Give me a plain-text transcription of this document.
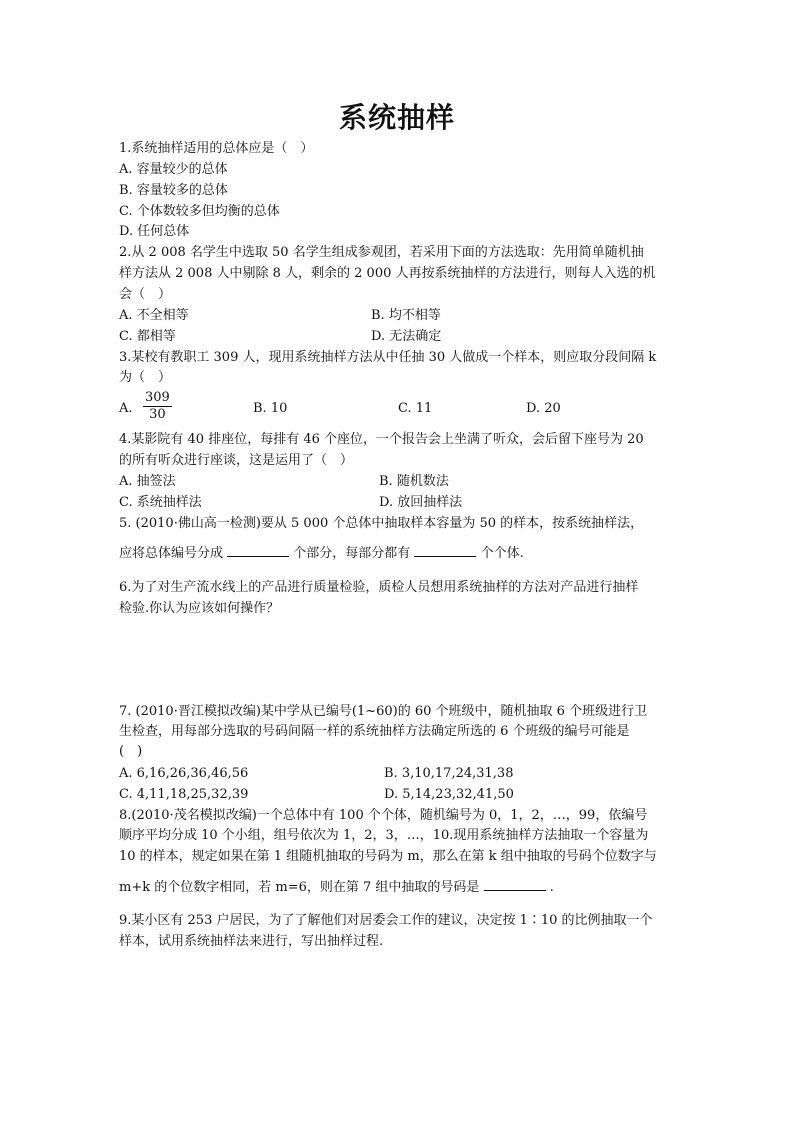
系统抽样
1.系统抽样适用的总体应是（　）
A. 容量较少的总体
B. 容量较多的总体
C. 个体数较多但均衡的总体
D. 任何总体
2.从 2 008 名学生中选取 50 名学生组成参观团，若采用下面的方法选取：先用简单随机抽
样方法从 2 008 人中剔除 8 人，剩余的 2 000 人再按系统抽样的方法进行，则每人入选的机
会（　）
A. 不全相等	B. 均不相等
C. 都相等	D. 无法确定
3.某校有教职工 309 人，现用系统抽样方法从中任抽 30 人做成一个样本，则应取分段间隔 k
为（　）
A. $\frac{309}{30}$	B. 10	C. 11	D. 20
4.某影院有 40 排座位，每排有 46 个座位，一个报告会上坐满了听众，会后留下座号为 20
的所有听众进行座谈，这是运用了（　）
A. 抽签法	B. 随机数法
C. 系统抽样法	D. 放回抽样法
5. (2010·佛山高一检测)要从 5 000 个总体中抽取样本容量为 50 的样本，按系统抽样法，
应将总体编号分成	个部分，每部分都有	个个体.
6.为了对生产流水线上的产品进行质量检验，质检人员想用系统抽样的方法对产品进行抽样
检验.你认为应该如何操作？
7. (2010·晋江模拟改编)某中学从已编号(1~60)的 60 个班级中，随机抽取 6 个班级进行卫
生检查，用每部分选取的号码间隔一样的系统抽样方法确定所选的 6 个班级的编号可能是
(　)
A. 6,16,26,36,46,56	B. 3,10,17,24,31,38
C. 4,11,18,25,32,39	D. 5,14,23,32,41,50
8.(2010·茂名模拟改编)一个总体中有 100 个个体，随机编号为 0，1，2，…，99，依编号
顺序平均分成 10 个小组，组号依次为 1，2，3，…，10.现用系统抽样方法抽取一个容量为
10 的样本，规定如果在第 1 组随机抽取的号码为 m，那么在第 k 组中抽取的号码个位数字与
m+k 的个位数字相同，若 m=6，则在第 7 组中抽取的号码是	.
9.某小区有 253 户居民，为了了解他们对居委会工作的建议，决定按 1∶10 的比例抽取一个
样本，试用系统抽样法来进行，写出抽样过程.
